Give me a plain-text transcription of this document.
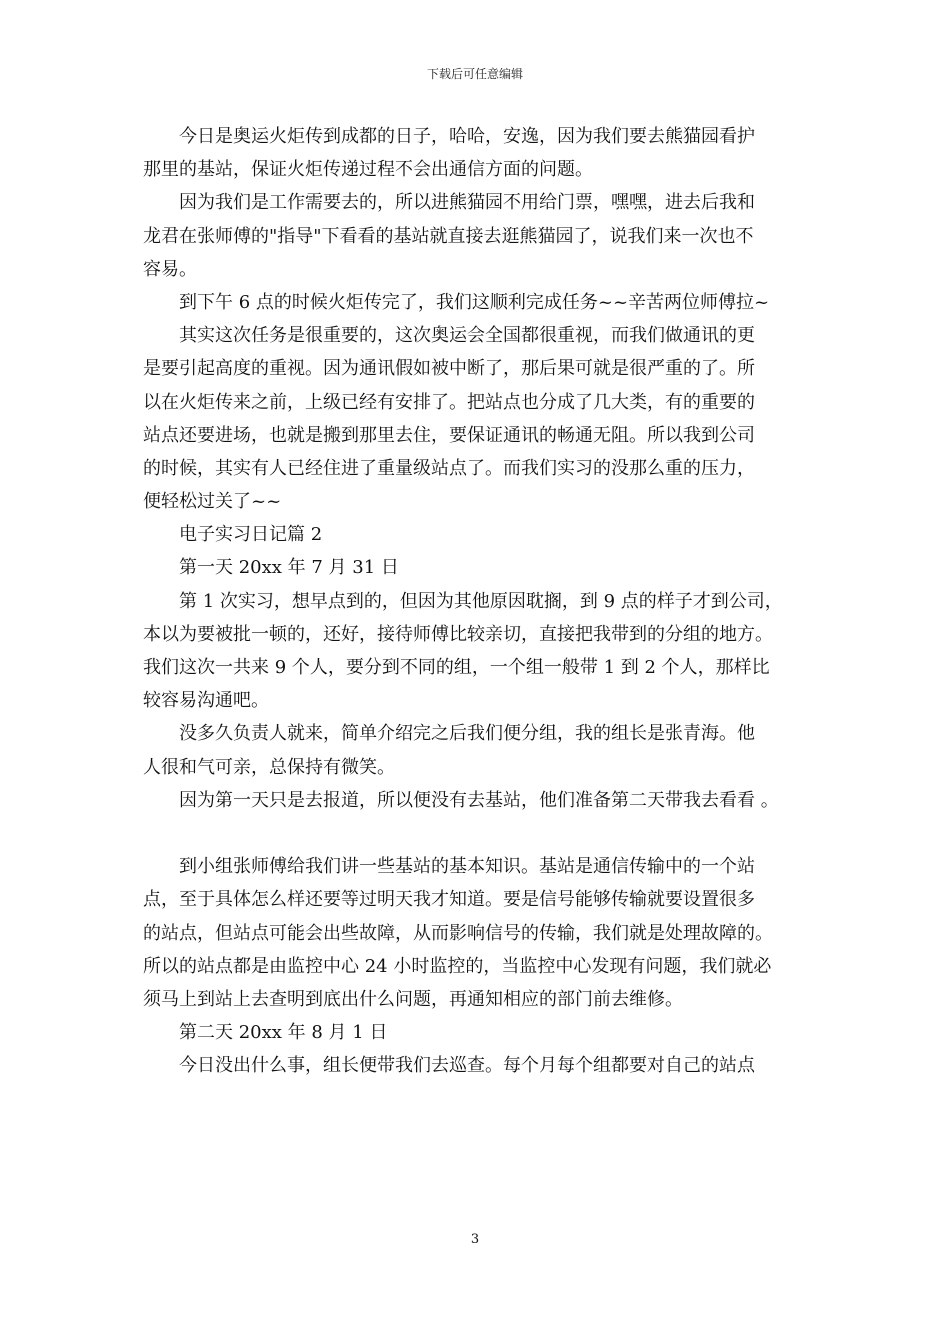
下载后可任意编辑
今日是奥运火炬传到成都的日子，哈哈，安逸，因为我们要去熊猫园看护
那里的基站，保证火炬传递过程不会出通信方面的问题。
因为我们是工作需要去的，所以进熊猫园不用给门票，嘿嘿，进去后我和
龙君在张师傅的"指导"下看看的基站就直接去逛熊猫园了，说我们来一次也不
容易。
到下午 6 点的时候火炬传完了，我们这顺利完成任务~~辛苦两位师傅拉~
其实这次任务是很重要的，这次奥运会全国都很重视，而我们做通讯的更
是要引起高度的重视。因为通讯假如被中断了，那后果可就是很严重的了。所
以在火炬传来之前，上级已经有安排了。把站点也分成了几大类，有的重要的
站点还要进场，也就是搬到那里去住，要保证通讯的畅通无阻。所以我到公司
的时候，其实有人已经住进了重量级站点了。而我们实习的没那么重的压力，
便轻松过关了~~
电子实习日记篇 2
第一天 20xx 年 7 月 31 日
第 1 次实习，想早点到的，但因为其他原因耽搁，到 9 点的样子才到公司，
本以为要被批一顿的，还好，接待师傅比较亲切，直接把我带到的分组的地方。
我们这次一共来 9 个人，要分到不同的组，一个组一般带 1 到 2 个人，那样比
较容易沟通吧。
没多久负责人就来，简单介绍完之后我们便分组，我的组长是张青海。他
人很和气可亲，总保持有微笑。
因为第一天只是去报道，所以便没有去基站，他们准备第二天带我去看看 。
到小组张师傅给我们讲一些基站的基本知识。基站是通信传输中的一个站
点，至于具体怎么样还要等过明天我才知道。要是信号能够传输就要设置很多
的站点，但站点可能会出些故障，从而影响信号的传输，我们就是处理故障的。
所以的站点都是由监控中心 24 小时监控的，当监控中心发现有问题，我们就必
须马上到站上去查明到底出什么问题，再通知相应的部门前去维修。
第二天 20xx 年 8 月 1 日
今日没出什么事，组长便带我们去巡查。每个月每个组都要对自己的站点
3
